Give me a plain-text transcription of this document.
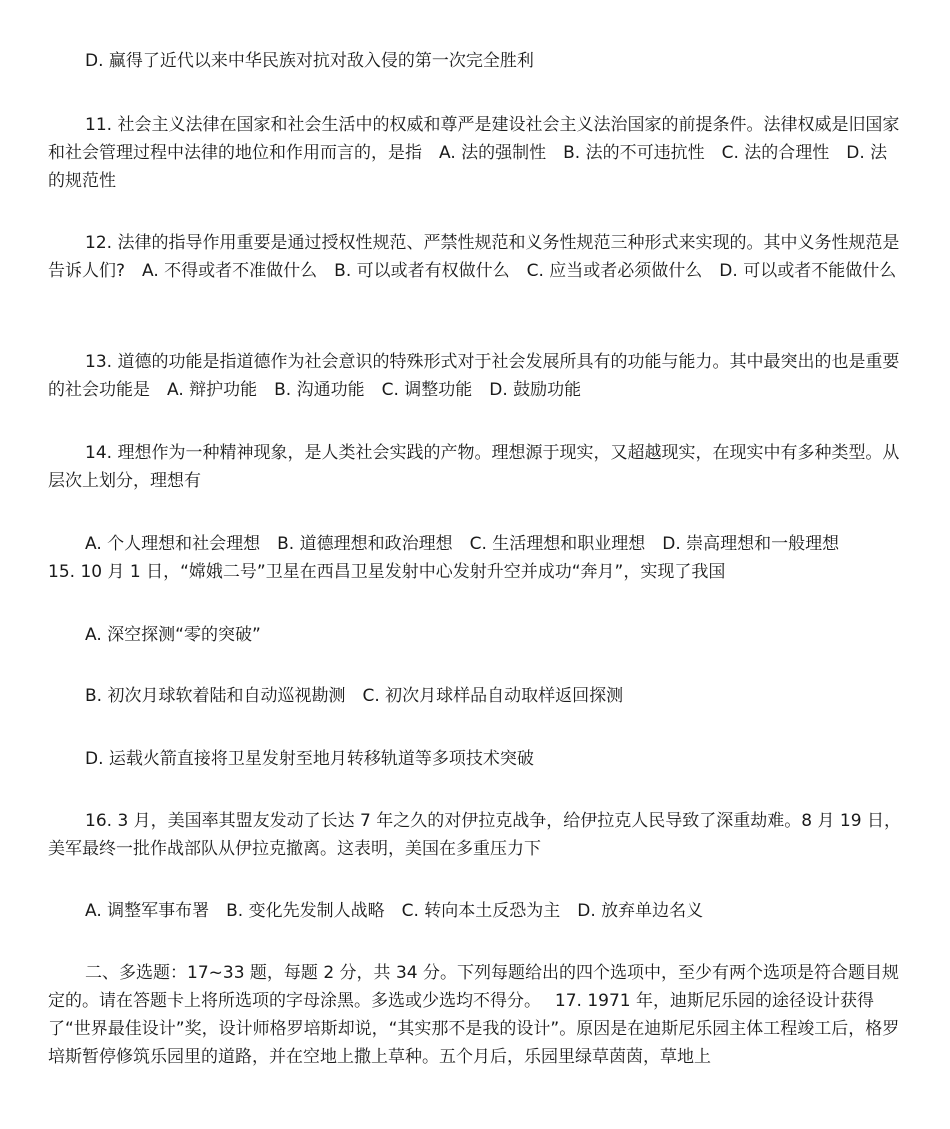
D. 赢得了近代以来中华民族对抗对敌入侵的第一次完全胜利

11. 社会主义法律在国家和社会生活中的权威和尊严是建设社会主义法治国家的前提条件。法律权威是旧国家和社会管理过程中法律的地位和作用而言的，是指　A. 法的强制性　B. 法的不可违抗性　C. 法的合理性　D. 法的规范性

12. 法律的指导作用重要是通过授权性规范、严禁性规范和义务性规范三种形式来实现的。其中义务性规范是告诉人们?　A. 不得或者不准做什么　B. 可以或者有权做什么　C. 应当或者必须做什么　D. 可以或者不能做什么

13. 道德的功能是指道德作为社会意识的特殊形式对于社会发展所具有的功能与能力。其中最突出的也是重要的社会功能是　A. 辩护功能　B. 沟通功能　C. 调整功能　D. 鼓励功能

14. 理想作为一种精神现象，是人类社会实践的产物。理想源于现实，又超越现实，在现实中有多种类型。从层次上划分，理想有

A. 个人理想和社会理想　B. 道德理想和政治理想　C. 生活理想和职业理想　D. 崇高理想和一般理想

15. 10 月 1 日，“嫦娥二号”卫星在西昌卫星发射中心发射升空并成功“奔月”，实现了我国

A. 深空探测“零的突破”

B. 初次月球软着陆和自动巡视勘测　C. 初次月球样品自动取样返回探测

D. 运载火箭直接将卫星发射至地月转移轨道等多项技术突破

16. 3 月，美国率其盟友发动了长达 7 年之久的对伊拉克战争，给伊拉克人民导致了深重劫难。8 月 19 日，美军最终一批作战部队从伊拉克撤离。这表明，美国在多重压力下

A. 调整军事布署　B. 变化先发制人战略　C. 转向本土反恐为主　D. 放弃单边名义

二、多选题：17~33 题，每题 2 分，共 34 分。下列每题给出的四个选项中，至少有两个选项是符合题目规定的。请在答题卡上将所选项的字母涂黑。多选或少选均不得分。　 17. 1971 年，迪斯尼乐园的途径设计获得了“世界最佳设计”奖，设计师格罗培斯却说，“其实那不是我的设计”。原因是在迪斯尼乐园主体工程竣工后，格罗培斯暂停修筑乐园里的道路，并在空地上撒上草种。五个月后，乐园里绿草茵茵，草地上
